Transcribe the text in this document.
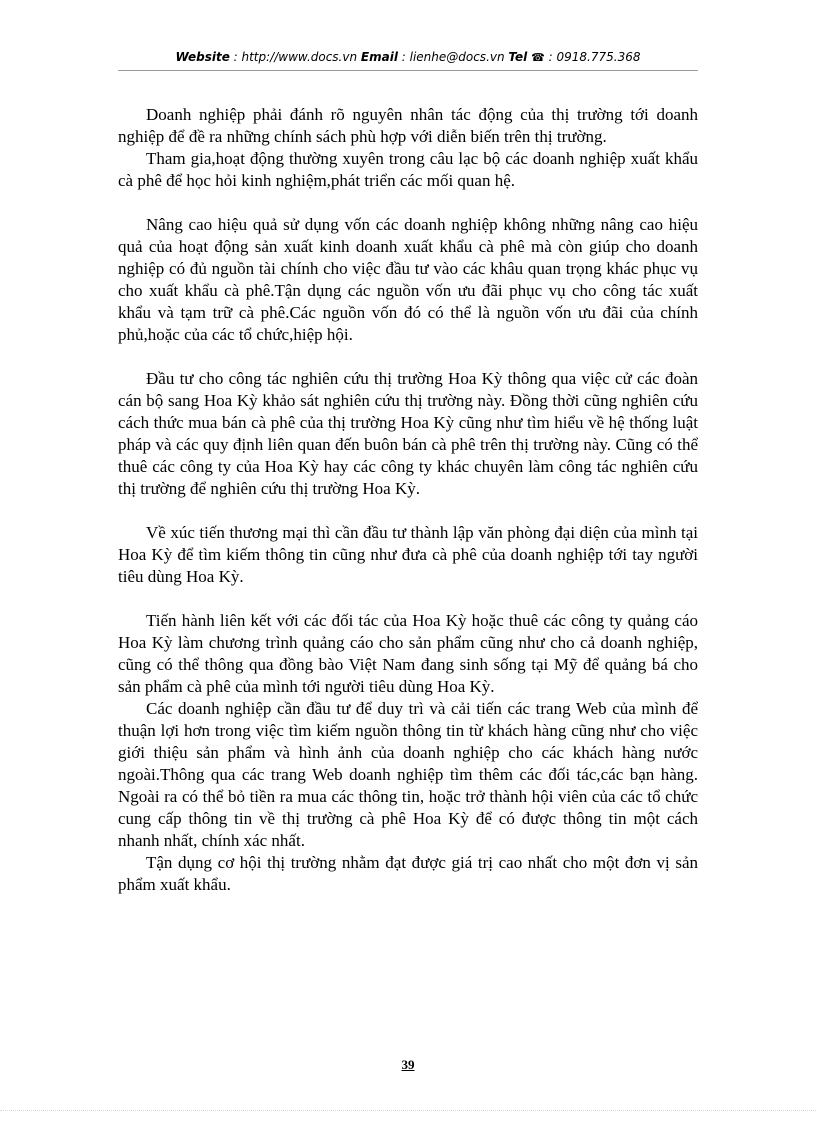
Website : http://www.docs.vn Email : lienhe@docs.vn Tel ☎ : 0918.775.368

Doanh nghiệp phải đánh rõ nguyên nhân tác động của thị trường tới doanh nghiệp để đề ra những chính sách phù hợp với diễn biến trên thị trường.

Tham gia,hoạt động thường xuyên trong câu lạc bộ các doanh nghiệp xuất khẩu cà phê để học hỏi kinh nghiệm,phát triển các mối quan hệ.

Nâng cao hiệu quả sử dụng vốn các doanh nghiệp không những nâng cao hiệu quả của hoạt động sản xuất kinh doanh xuất khẩu cà phê mà còn giúp cho doanh nghiệp có đủ nguồn tài chính cho việc đầu tư vào các khâu quan trọng khác phục vụ cho xuất khẩu cà phê.Tận dụng các nguồn vốn ưu đãi phục vụ cho công tác xuất khẩu và tạm trữ cà phê.Các nguồn vốn đó có thể là nguồn vốn ưu đãi của chính phủ,hoặc của các tổ chức,hiệp hội.

Đầu tư cho công tác nghiên cứu thị trường Hoa Kỳ thông qua việc cử các đoàn cán bộ sang Hoa Kỳ khảo sát nghiên cứu thị trường này. Đồng thời cũng nghiên cứu cách thức mua bán cà phê của thị trường Hoa Kỳ cũng như tìm hiểu về hệ thống luật pháp và các quy định liên quan đến buôn bán cà phê trên thị trường này. Cũng có thể thuê các công ty của Hoa Kỳ hay các công ty khác chuyên làm công tác nghiên cứu thị trường để nghiên cứu thị trường Hoa Kỳ.

Về xúc tiến thương mại thì cần đầu tư thành lập văn phòng đại diện của mình tại Hoa Kỳ để tìm kiếm thông tin cũng như đưa cà phê của doanh nghiệp tới tay người tiêu dùng Hoa Kỳ.

Tiến hành liên kết với các đối tác của Hoa Kỳ hoặc thuê các công ty quảng cáo Hoa Kỳ làm chương trình quảng cáo cho sản phẩm cũng như cho cả doanh nghiệp, cũng có thể thông qua đồng bào Việt Nam đang sinh sống tại Mỹ để quảng bá cho sản phẩm cà phê của mình tới người tiêu dùng Hoa Kỳ.

Các doanh nghiệp cần đầu tư để duy trì và cải tiến các trang Web của mình để thuận lợi hơn trong việc tìm kiếm nguồn thông tin từ khách hàng cũng như cho việc giới thiệu sản phẩm và hình ảnh của doanh nghiệp cho các khách hàng nước ngoài.Thông qua các trang Web doanh nghiệp tìm thêm các đối tác,các bạn hàng. Ngoài ra có thể bỏ tiền ra mua các thông tin, hoặc trở thành hội viên của các tổ chức cung cấp thông tin về thị trường cà phê Hoa Kỳ để có được thông tin một cách nhanh nhất, chính xác nhất.

Tận dụng cơ hội thị trường nhằm đạt được giá trị cao nhất cho một đơn vị sản phẩm xuất khẩu.

39
